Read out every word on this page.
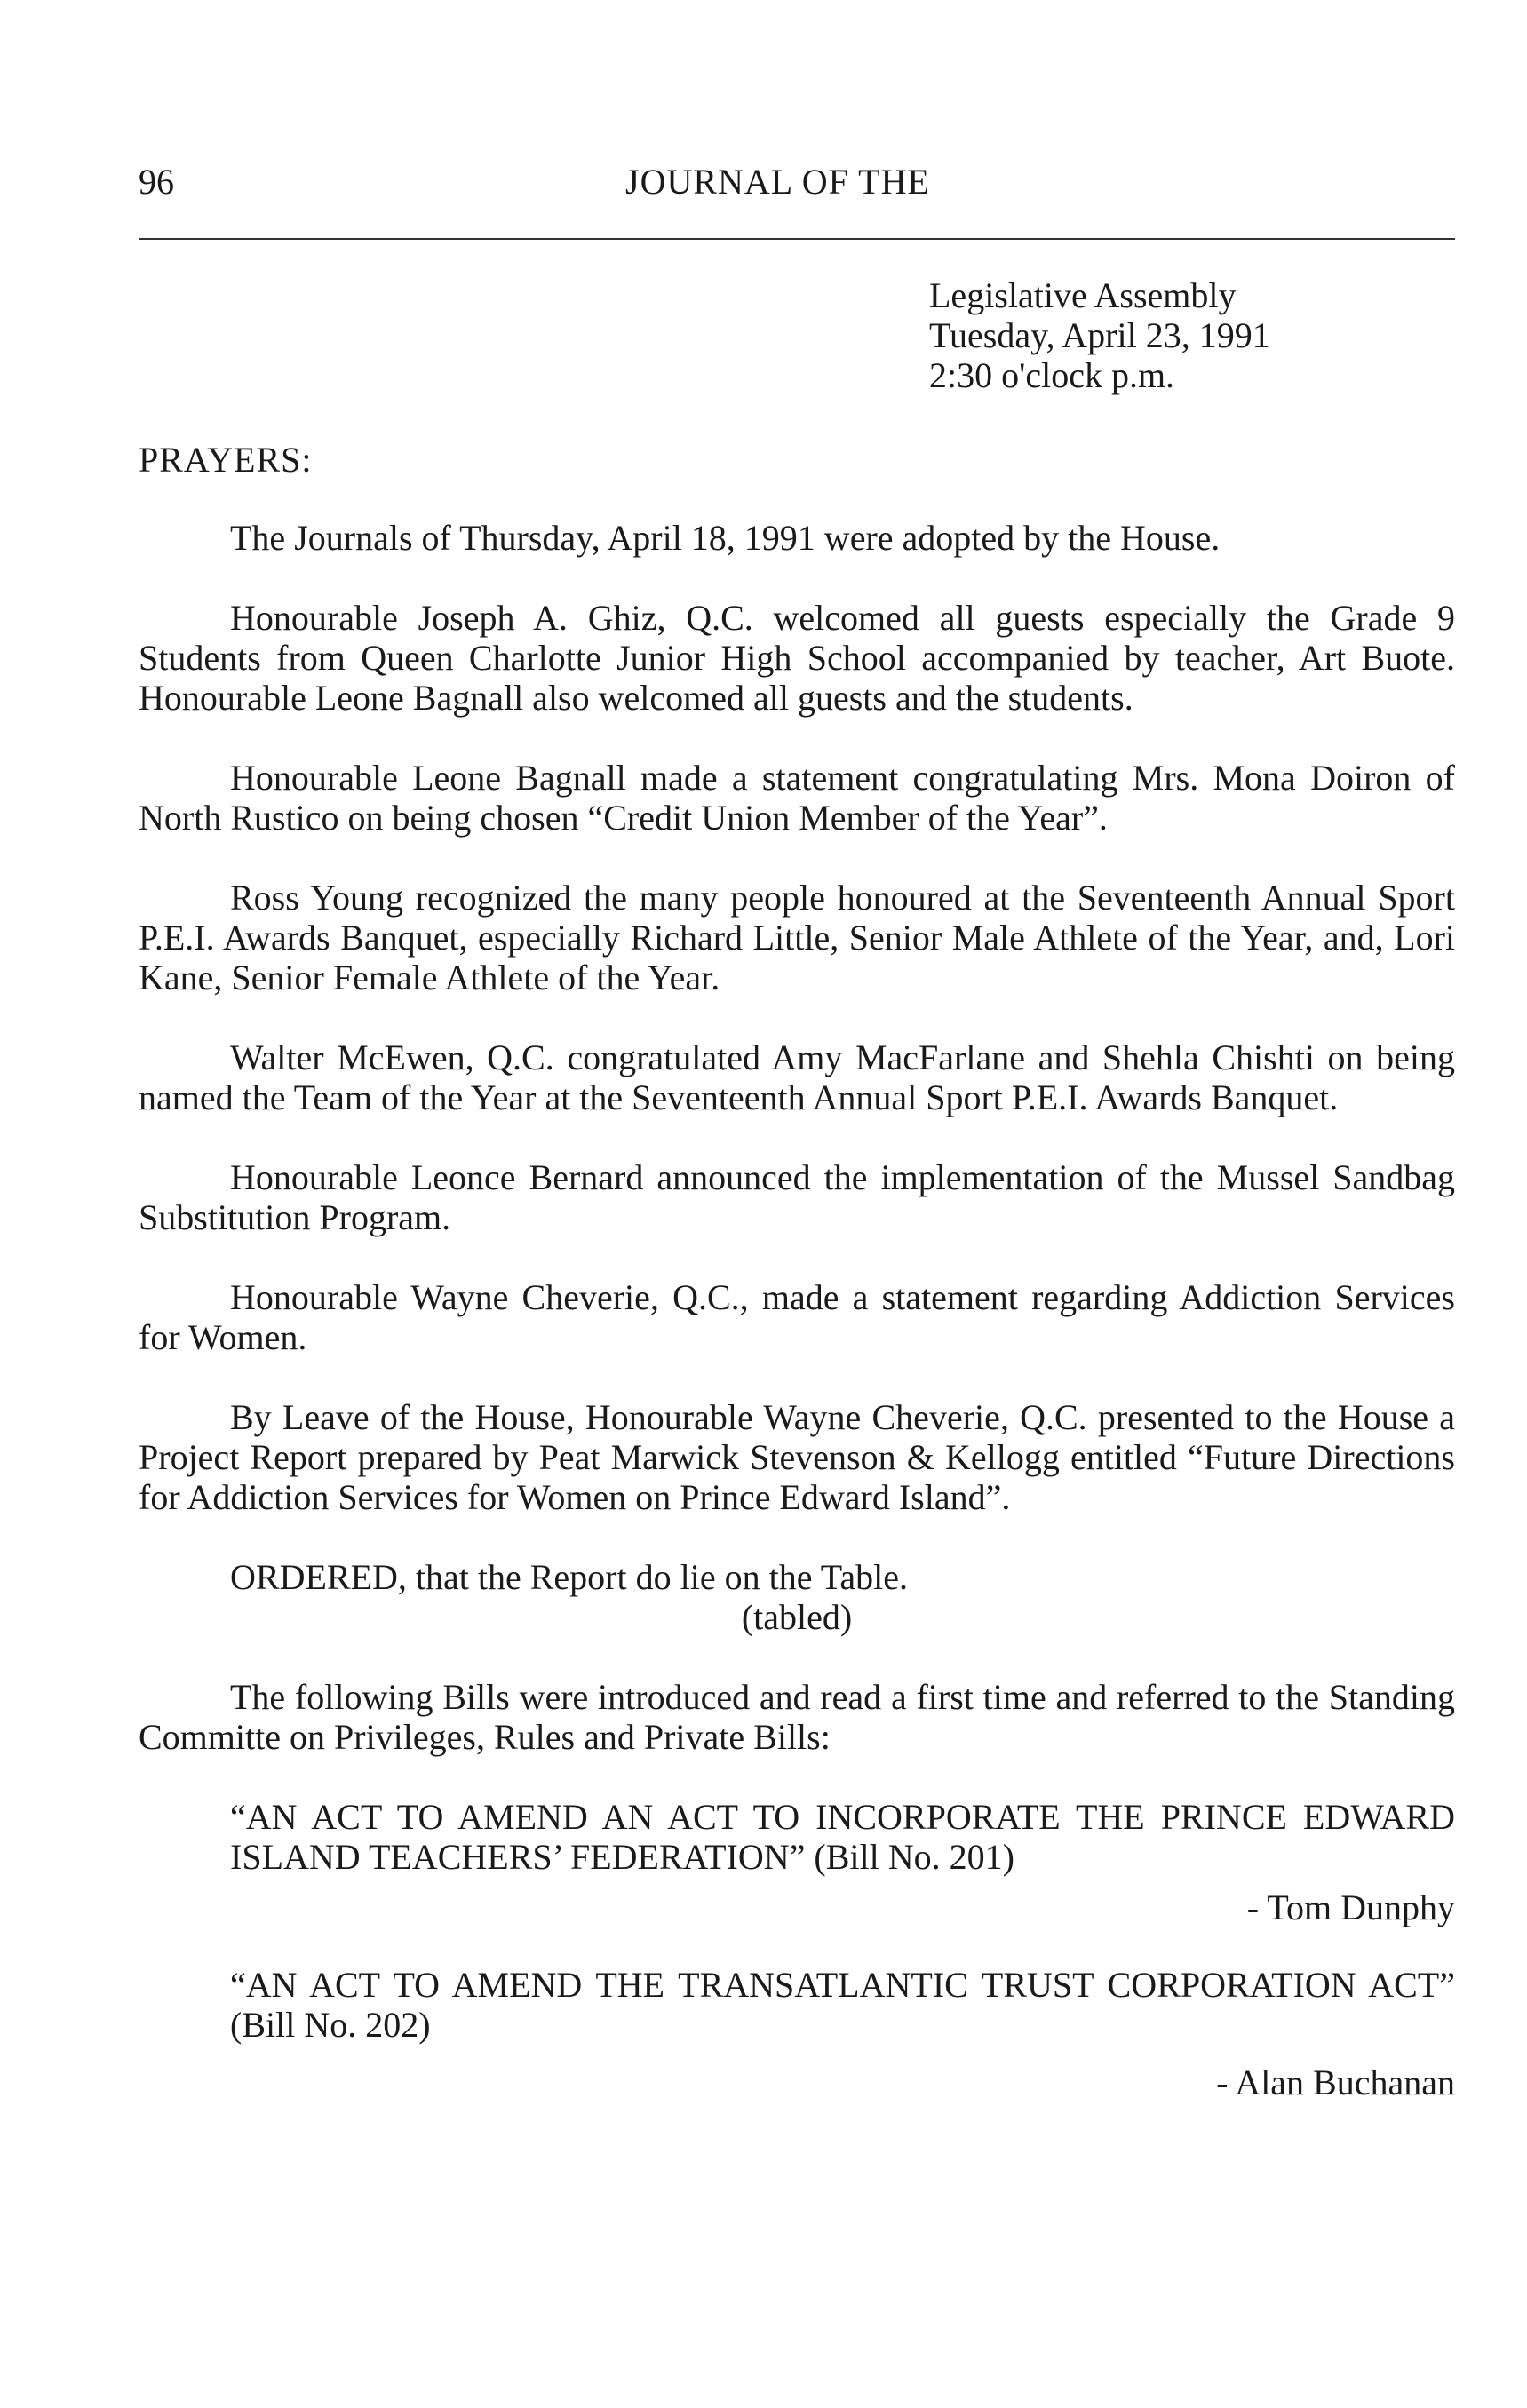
96	JOURNAL OF THE
Legislative Assembly
Tuesday, April 23, 1991
2:30 o'clock p.m.
PRAYERS:

The Journals of Thursday, April 18, 1991 were adopted by the House.

Honourable Joseph A. Ghiz, Q.C. welcomed all guests especially the Grade 9 Students from Queen Charlotte Junior High School accompanied by teacher, Art Buote. Honourable Leone Bagnall also welcomed all guests and the students.

Honourable Leone Bagnall made a statement congratulating Mrs. Mona Doiron of North Rustico on being chosen “Credit Union Member of the Year”.

Ross Young recognized the many people honoured at the Seventeenth Annual Sport P.E.I. Awards Banquet, especially Richard Little, Senior Male Athlete of the Year, and, Lori Kane, Senior Female Athlete of the Year.

Walter McEwen, Q.C. congratulated Amy MacFarlane and Shehla Chishti on being named the Team of the Year at the Seventeenth Annual Sport P.E.I. Awards Banquet.

Honourable Leonce Bernard announced the implementation of the Mussel Sandbag Substitution Program.

Honourable Wayne Cheverie, Q.C., made a statement regarding Addiction Services for Women.

By Leave of the House, Honourable Wayne Cheverie, Q.C. presented to the House a Project Report prepared by Peat Marwick Stevenson & Kellogg entitled “Future Directions for Addiction Services for Women on Prince Edward Island”.

ORDERED, that the Report do lie on the Table.

(tabled)

The following Bills were introduced and read a first time and referred to the Standing Committe on Privileges, Rules and Private Bills:

“AN ACT TO AMEND AN ACT TO INCORPORATE THE PRINCE EDWARD ISLAND TEACHERS’ FEDERATION” (Bill No. 201)

- Tom Dunphy

“AN ACT TO AMEND THE TRANSATLANTIC TRUST CORPORATION ACT” (Bill No. 202)

- Alan Buchanan
